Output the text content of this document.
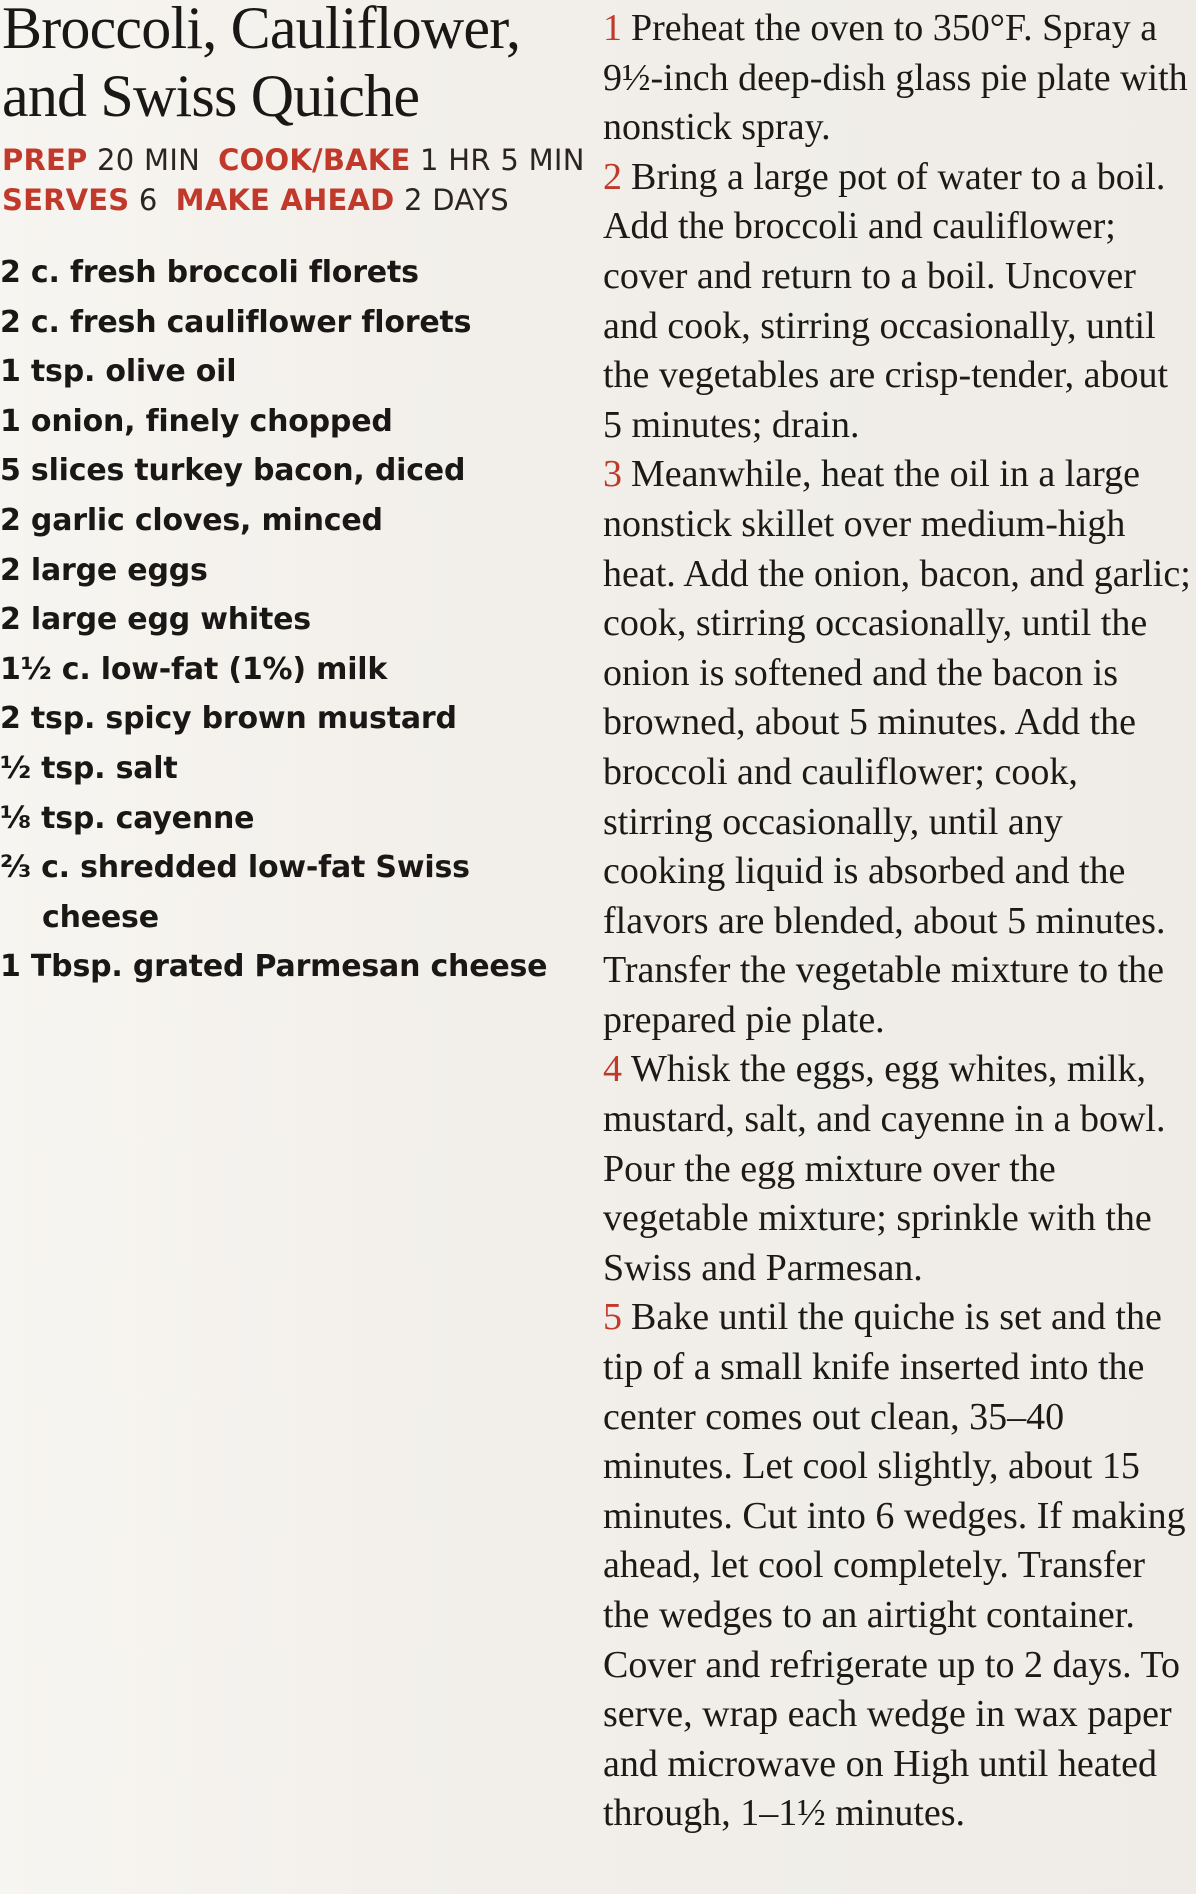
Broccoli, Cauliflower, and Swiss Quiche
PREP 20 MIN COOK/BAKE 1 HR 5 MIN
SERVES 6 MAKE AHEAD 2 DAYS
2 c. fresh broccoli florets
2 c. fresh cauliflower florets
1 tsp. olive oil
1 onion, finely chopped
5 slices turkey bacon, diced
2 garlic cloves, minced
2 large eggs
2 large egg whites
1½ c. low-fat (1%) milk
2 tsp. spicy brown mustard
½ tsp. salt
⅛ tsp. cayenne
⅔ c. shredded low-fat Swiss cheese
1 Tbsp. grated Parmesan cheese

1 Preheat the oven to 350°F. Spray a 9½-inch deep-dish glass pie plate with nonstick spray.

2 Bring a large pot of water to a boil. Add the broccoli and cauliflower; cover and return to a boil. Uncover and cook, stirring occasionally, until the vegetables are crisp-tender, about 5 minutes; drain.

3 Meanwhile, heat the oil in a large nonstick skillet over medium-high heat. Add the onion, bacon, and garlic; cook, stirring occasionally, until the onion is softened and the bacon is browned, about 5 minutes. Add the broccoli and cauliflower; cook, stirring occasionally, until any cooking liquid is absorbed and the flavors are blended, about 5 minutes. Transfer the vegetable mixture to the prepared pie plate.

4 Whisk the eggs, egg whites, milk, mustard, salt, and cayenne in a bowl. Pour the egg mixture over the vegetable mixture; sprinkle with the Swiss and Parmesan.

5 Bake until the quiche is set and the tip of a small knife inserted into the center comes out clean, 35–40 minutes. Let cool slightly, about 15 minutes. Cut into 6 wedges. If making ahead, let cool completely. Transfer the wedges to an airtight container. Cover and refrigerate up to 2 days. To serve, wrap each wedge in wax paper and microwave on High until heated through, 1–1½ minutes.
